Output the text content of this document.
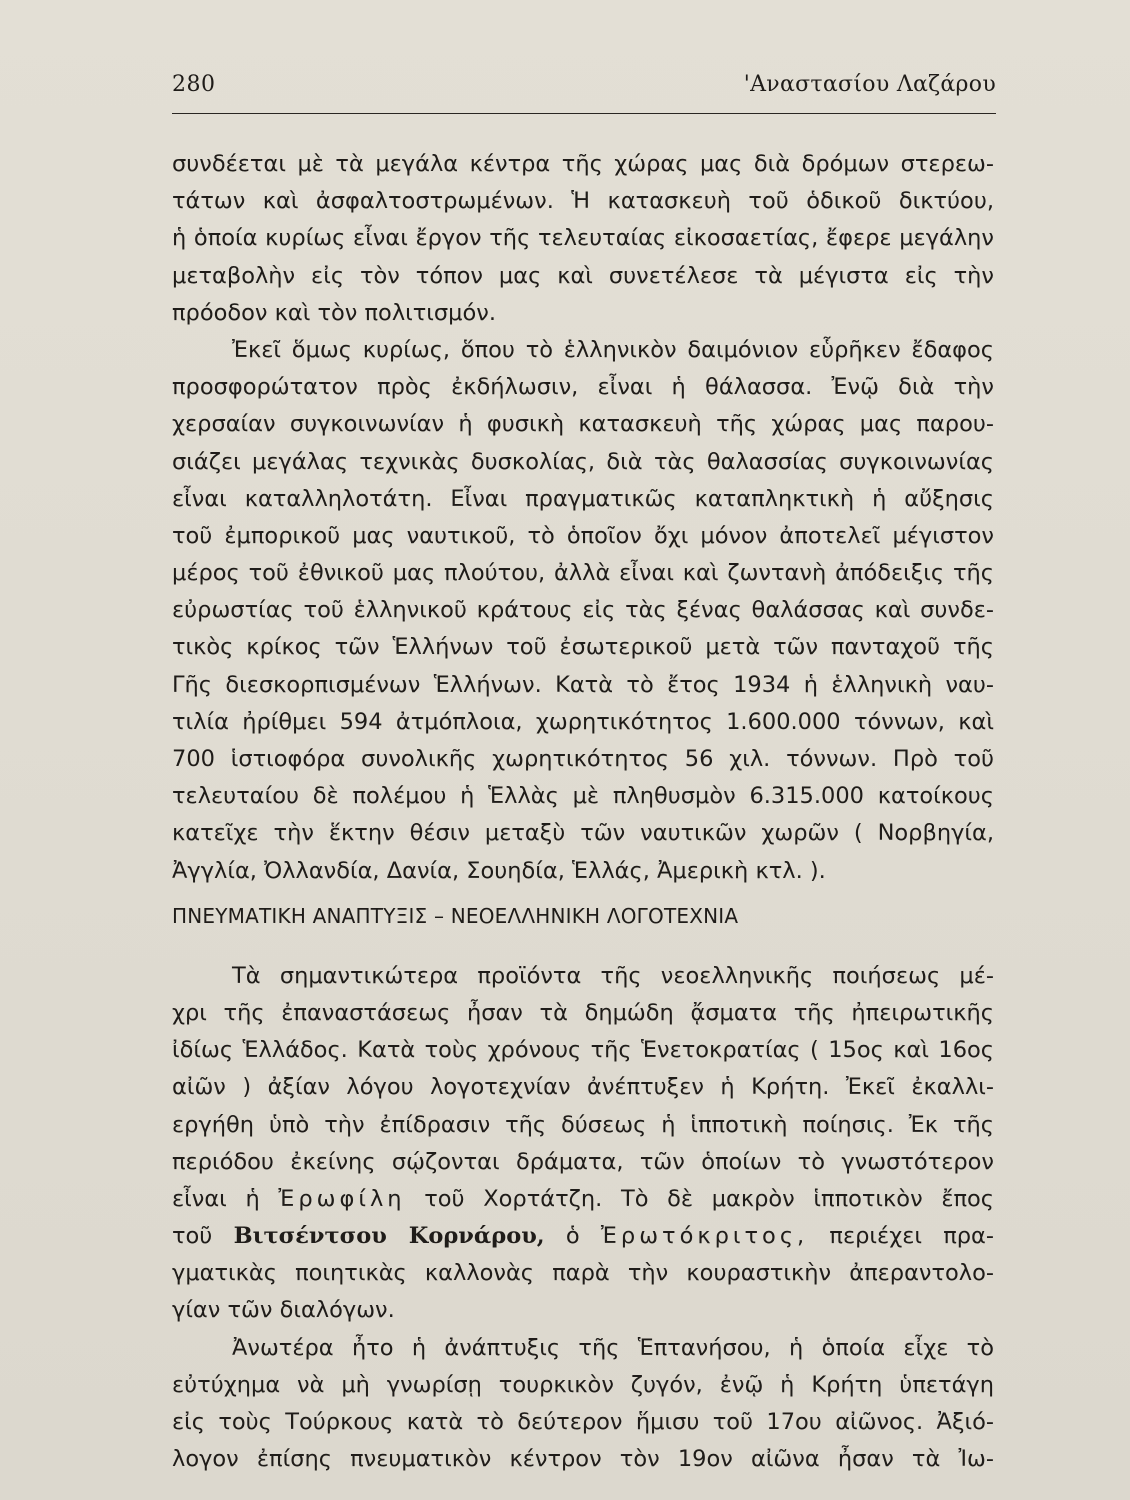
280	'Αναστασίου Λαζάρου
συνδέεται μὲ τὰ μεγάλα κέντρα τῆς χώρας μας διὰ δρόμων στερεω-
τάτων καὶ ἀσφαλτοστρωμένων. Ἡ κατασκευὴ τοῦ ὁδικοῦ δικτύου,
ἡ ὁποία κυρίως εἶναι ἔργον τῆς τελευταίας εἰκοσαετίας, ἔφερε μεγάλην
μεταβολὴν εἰς τὸν τόπον μας καὶ συνετέλεσε τὰ μέγιστα εἰς τὴν
πρόοδον καὶ τὸν πολιτισμόν.
Ἐκεῖ ὅμως κυρίως, ὅπου τὸ ἑλληνικὸν δαιμόνιον εὗρῆκεν ἔδαφος
προσφορώτατον πρὸς ἐκδήλωσιν, εἶναι ἡ θάλασσα. Ἐνῷ διὰ τὴν
χερσαίαν συγκοινωνίαν ἡ φυσικὴ κατασκευὴ τῆς χώρας μας παρου-
σιάζει μεγάλας τεχνικὰς δυσκολίας, διὰ τὰς θαλασσίας συγκοινωνίας
εἶναι καταλληλοτάτη. Εἶναι πραγματικῶς καταπληκτικὴ ἡ αὔξησις
τοῦ ἐμπορικοῦ μας ναυτικοῦ, τὸ ὁποῖον ὄχι μόνον ἀποτελεῖ μέγιστον
μέρος τοῦ ἐθνικοῦ μας πλούτου, ἀλλὰ εἶναι καὶ ζωντανὴ ἀπόδειξις τῆς
εὐρωστίας τοῦ ἑλληνικοῦ κράτους εἰς τὰς ξένας θαλάσσας καὶ συνδε-
τικὸς κρίκος τῶν Ἑλλήνων τοῦ ἐσωτερικοῦ μετὰ τῶν πανταχοῦ τῆς
Γῆς διεσκορπισμένων Ἑλλήνων. Κατὰ τὸ ἔτος 1934 ἡ ἑλληνικὴ ναυ-
τιλία ἠρίθμει 594 ἀτμόπλοια, χωρητικότητος 1.600.000 τόννων, καὶ
700 ἱστιοφόρα συνολικῆς χωρητικότητος 56 χιλ. τόννων. Πρὸ τοῦ
τελευταίου δὲ πολέμου ἡ Ἑλλὰς μὲ πληθυσμὸν 6.315.000 κατοίκους
κατεῖχε τὴν ἕκτην θέσιν μεταξὺ τῶν ναυτικῶν χωρῶν ( Νορβηγία,
Ἀγγλία, Ὀλλανδία, Δανία, Σουηδία, Ἑλλάς, Ἀμερικὴ κτλ. ).
ΠΝΕΥΜΑΤΙΚΗ ΑΝΑΠΤΥΞΙΣ – ΝΕΟΕΛΛΗΝΙΚΗ ΛΟΓΟΤΕΧΝΙΑ
Τὰ σημαντικώτερα προϊόντα τῆς νεοελληνικῆς ποιήσεως μέ-
χρι τῆς ἐπαναστάσεως ἦσαν τὰ δημώδη ᾄσματα τῆς ἠπειρωτικῆς
ἰδίως Ἑλλάδος. Κατὰ τοὺς χρόνους τῆς Ἑνετοκρατίας ( 15ος καὶ 16ος
αἰῶν ) ἀξίαν λόγου λογοτεχνίαν ἀνέπτυξεν ἡ Κρήτη. Ἐκεῖ ἐκαλλι-
εργήθη ὑπὸ τὴν ἐπίδρασιν τῆς δύσεως ἡ ἱπποτικὴ ποίησις. Ἐκ τῆς
περιόδου ἐκείνης σῴζονται δράματα, τῶν ὁποίων τὸ γνωστότερον
εἶναι ἡ Ἐρωφίλη τοῦ Χορτάτζη. Τὸ δὲ μακρὸν ἱπποτικὸν ἔπος
τοῦ Βιτσέντσου Κορνάρου, ὁ Ἐρωτόκριτος, περιέχει πρα-
γματικὰς ποιητικὰς καλλονὰς παρὰ τὴν κουραστικὴν ἀπεραντολο-
γίαν τῶν διαλόγων.
Ἀνωτέρα ἦτο ἡ ἀνάπτυξις τῆς Ἑπτανήσου, ἡ ὁποία εἶχε τὸ
εὐτύχημα νὰ μὴ γνωρίσῃ τουρκικὸν ζυγόν, ἐνῷ ἡ Κρήτη ὑπετάγη
εἰς τοὺς Τούρκους κατὰ τὸ δεύτερον ἥμισυ τοῦ 17ου αἰῶνος. Ἀξιό-
λογον ἐπίσης πνευματικὸν κέντρον τὸν 19ον αἰῶνα ἦσαν τὰ Ἰω-
